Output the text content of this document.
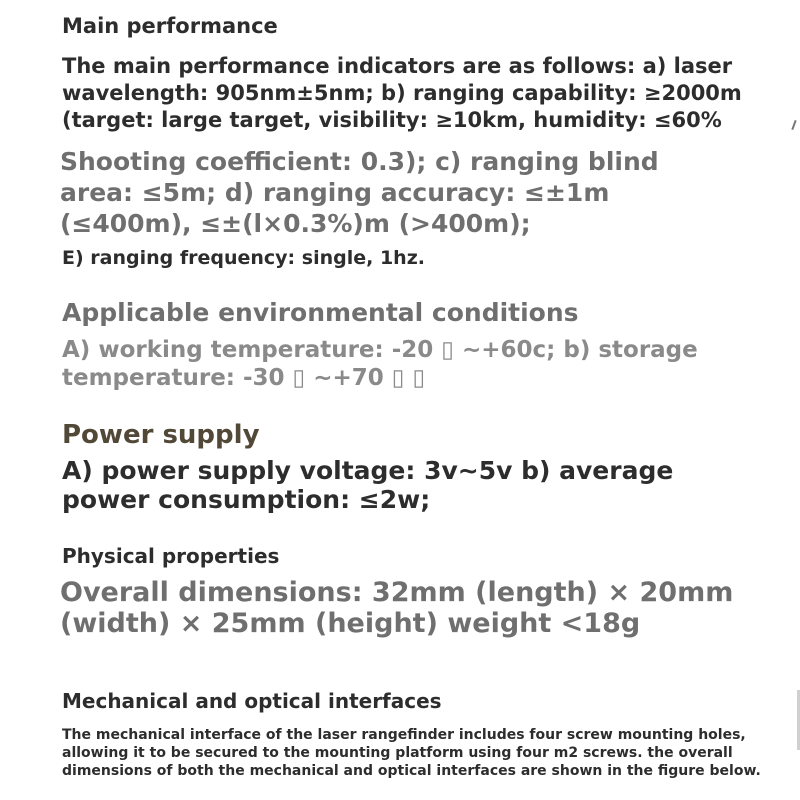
Main performance
The main performance indicators are as follows: a) laser
wavelength: 905nm±5nm; b) ranging capability: ≥2000m
(target: large target, visibility: ≥10km, humidity: ≤60%
Shooting coefficient: 0.3); c) ranging blind
area: ≤5m; d) ranging accuracy: ≤±1m
(≤400m), ≤±(l×0.3%)m (>400m);

E) ranging frequency: single, 1hz.

Applicable environmental conditions
A) working temperature: -20 ▯ ~+60c; b) storage
temperature: -30 ▯ ~+70 ▯ ▯
Power supply
A) power supply voltage: 3v~5v b) average
power consumption: ≤2w;
Physical properties
Overall dimensions: 32mm (length) × 20mm
(width) × 25mm (height) weight <18g
Mechanical and optical interfaces
The mechanical interface of the laser rangefinder includes four screw mounting holes,
allowing it to be secured to the mounting platform using four m2 screws. the overall
dimensions of both the mechanical and optical interfaces are shown in the figure below.
